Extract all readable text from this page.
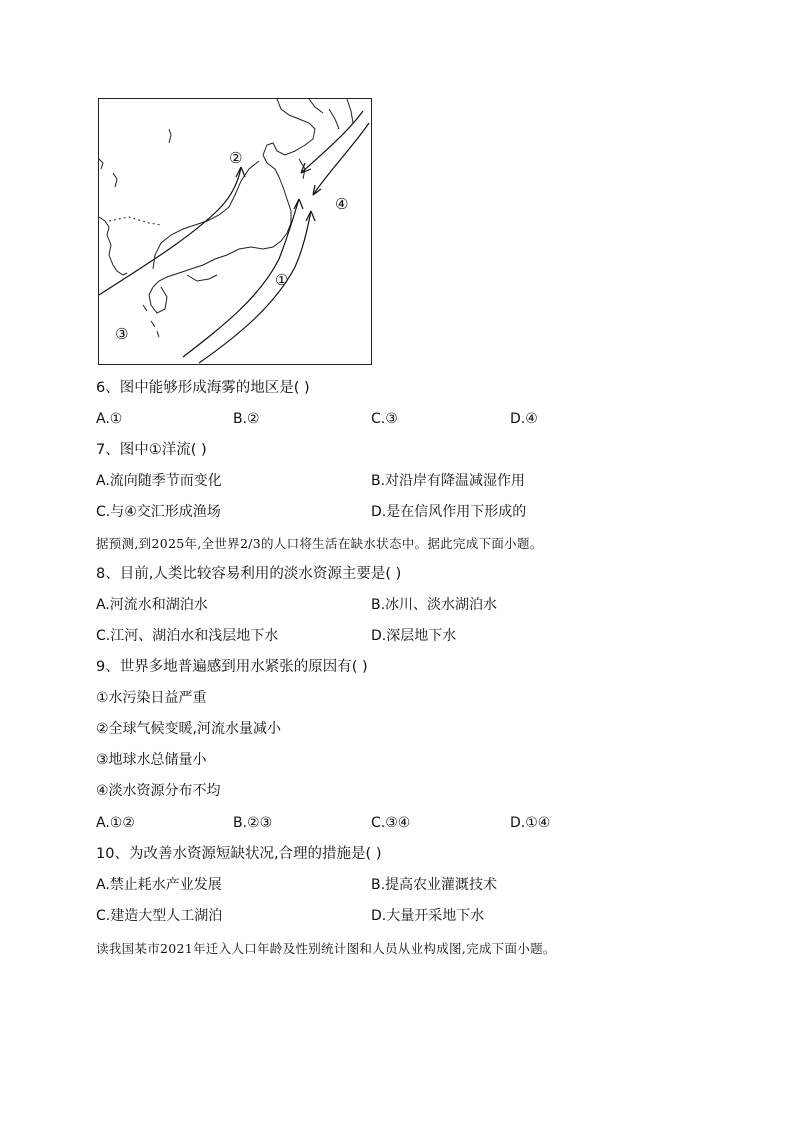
②
④
①
③
6、图中能够形成海雾的地区是( )
A.①	B.②	C.③	D.④
7、图中①洋流( )
A.流向随季节而变化	B.对沿岸有降温减湿作用
C.与④交汇形成渔场	D.是在信风作用下形成的
据预测,到2025年,全世界2/3的人口将生活在缺水状态中。据此完成下面小题。
8、目前,人类比较容易利用的淡水资源主要是( )
A.河流水和湖泊水	B.冰川、淡水湖泊水
C.江河、湖泊水和浅层地下水	D.深层地下水
9、世界多地普遍感到用水紧张的原因有( )
①水污染日益严重
②全球气候变暖,河流水量减小
③地球水总储量小
④淡水资源分布不均
A.①②	B.②③	C.③④	D.①④
10、为改善水资源短缺状况,合理的措施是( )
A.禁止耗水产业发展	B.提高农业灌溉技术
C.建造大型人工湖泊	D.大量开采地下水
读我国某市2021年迁入人口年龄及性别统计图和人员从业构成图,完成下面小题。
